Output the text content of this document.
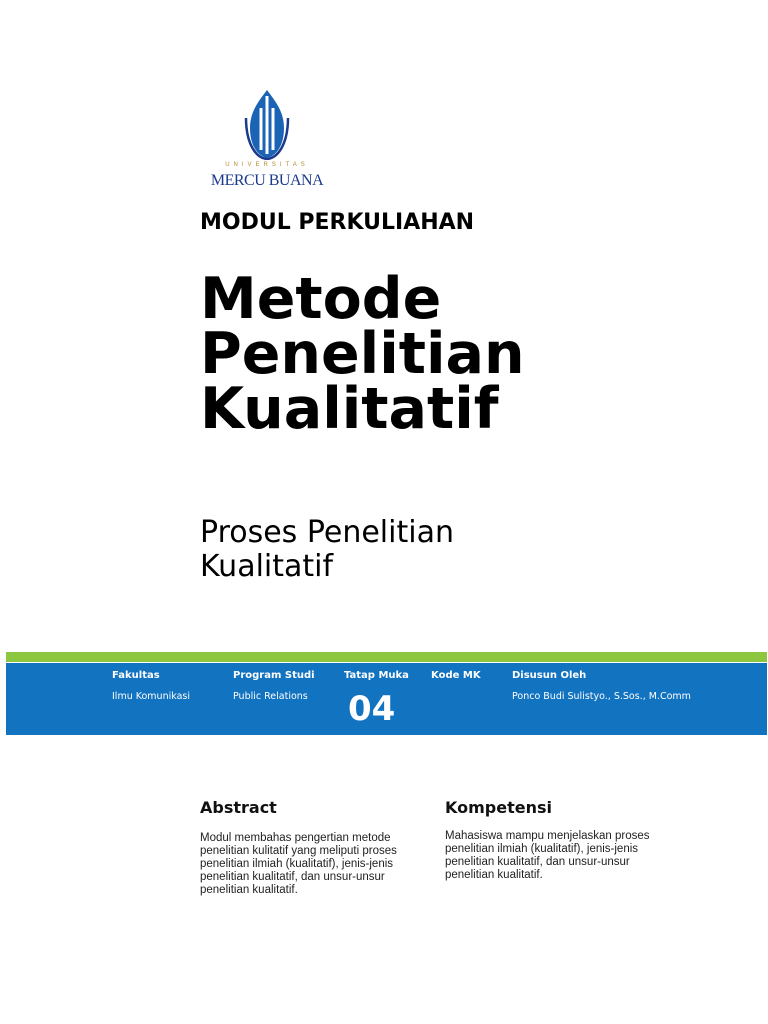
UNIVERSITAS
MERCU BUANA
MODUL PERKULIAHAN
Metode
Penelitian
Kualitatif
Proses Penelitian
Kualitatif
Fakultas
Ilmu Komunikasi
Program Studi
Public Relations
Tatap Muka
04
Kode MK	Disusun Oleh
Ponco Budi Sulistyo., S.Sos., M.Comm
Abstract
Modul membahas pengertian metode
penelitian kulitatif yang meliputi proses
penelitian ilmiah (kualitatif), jenis-jenis
penelitian kualitatif, dan unsur-unsur
penelitian kualitatif.
Kompetensi
Mahasiswa mampu menjelaskan proses
penelitian ilmiah (kualitatif), jenis-jenis
penelitian kualitatif, dan unsur-unsur
penelitian kualitatif.
